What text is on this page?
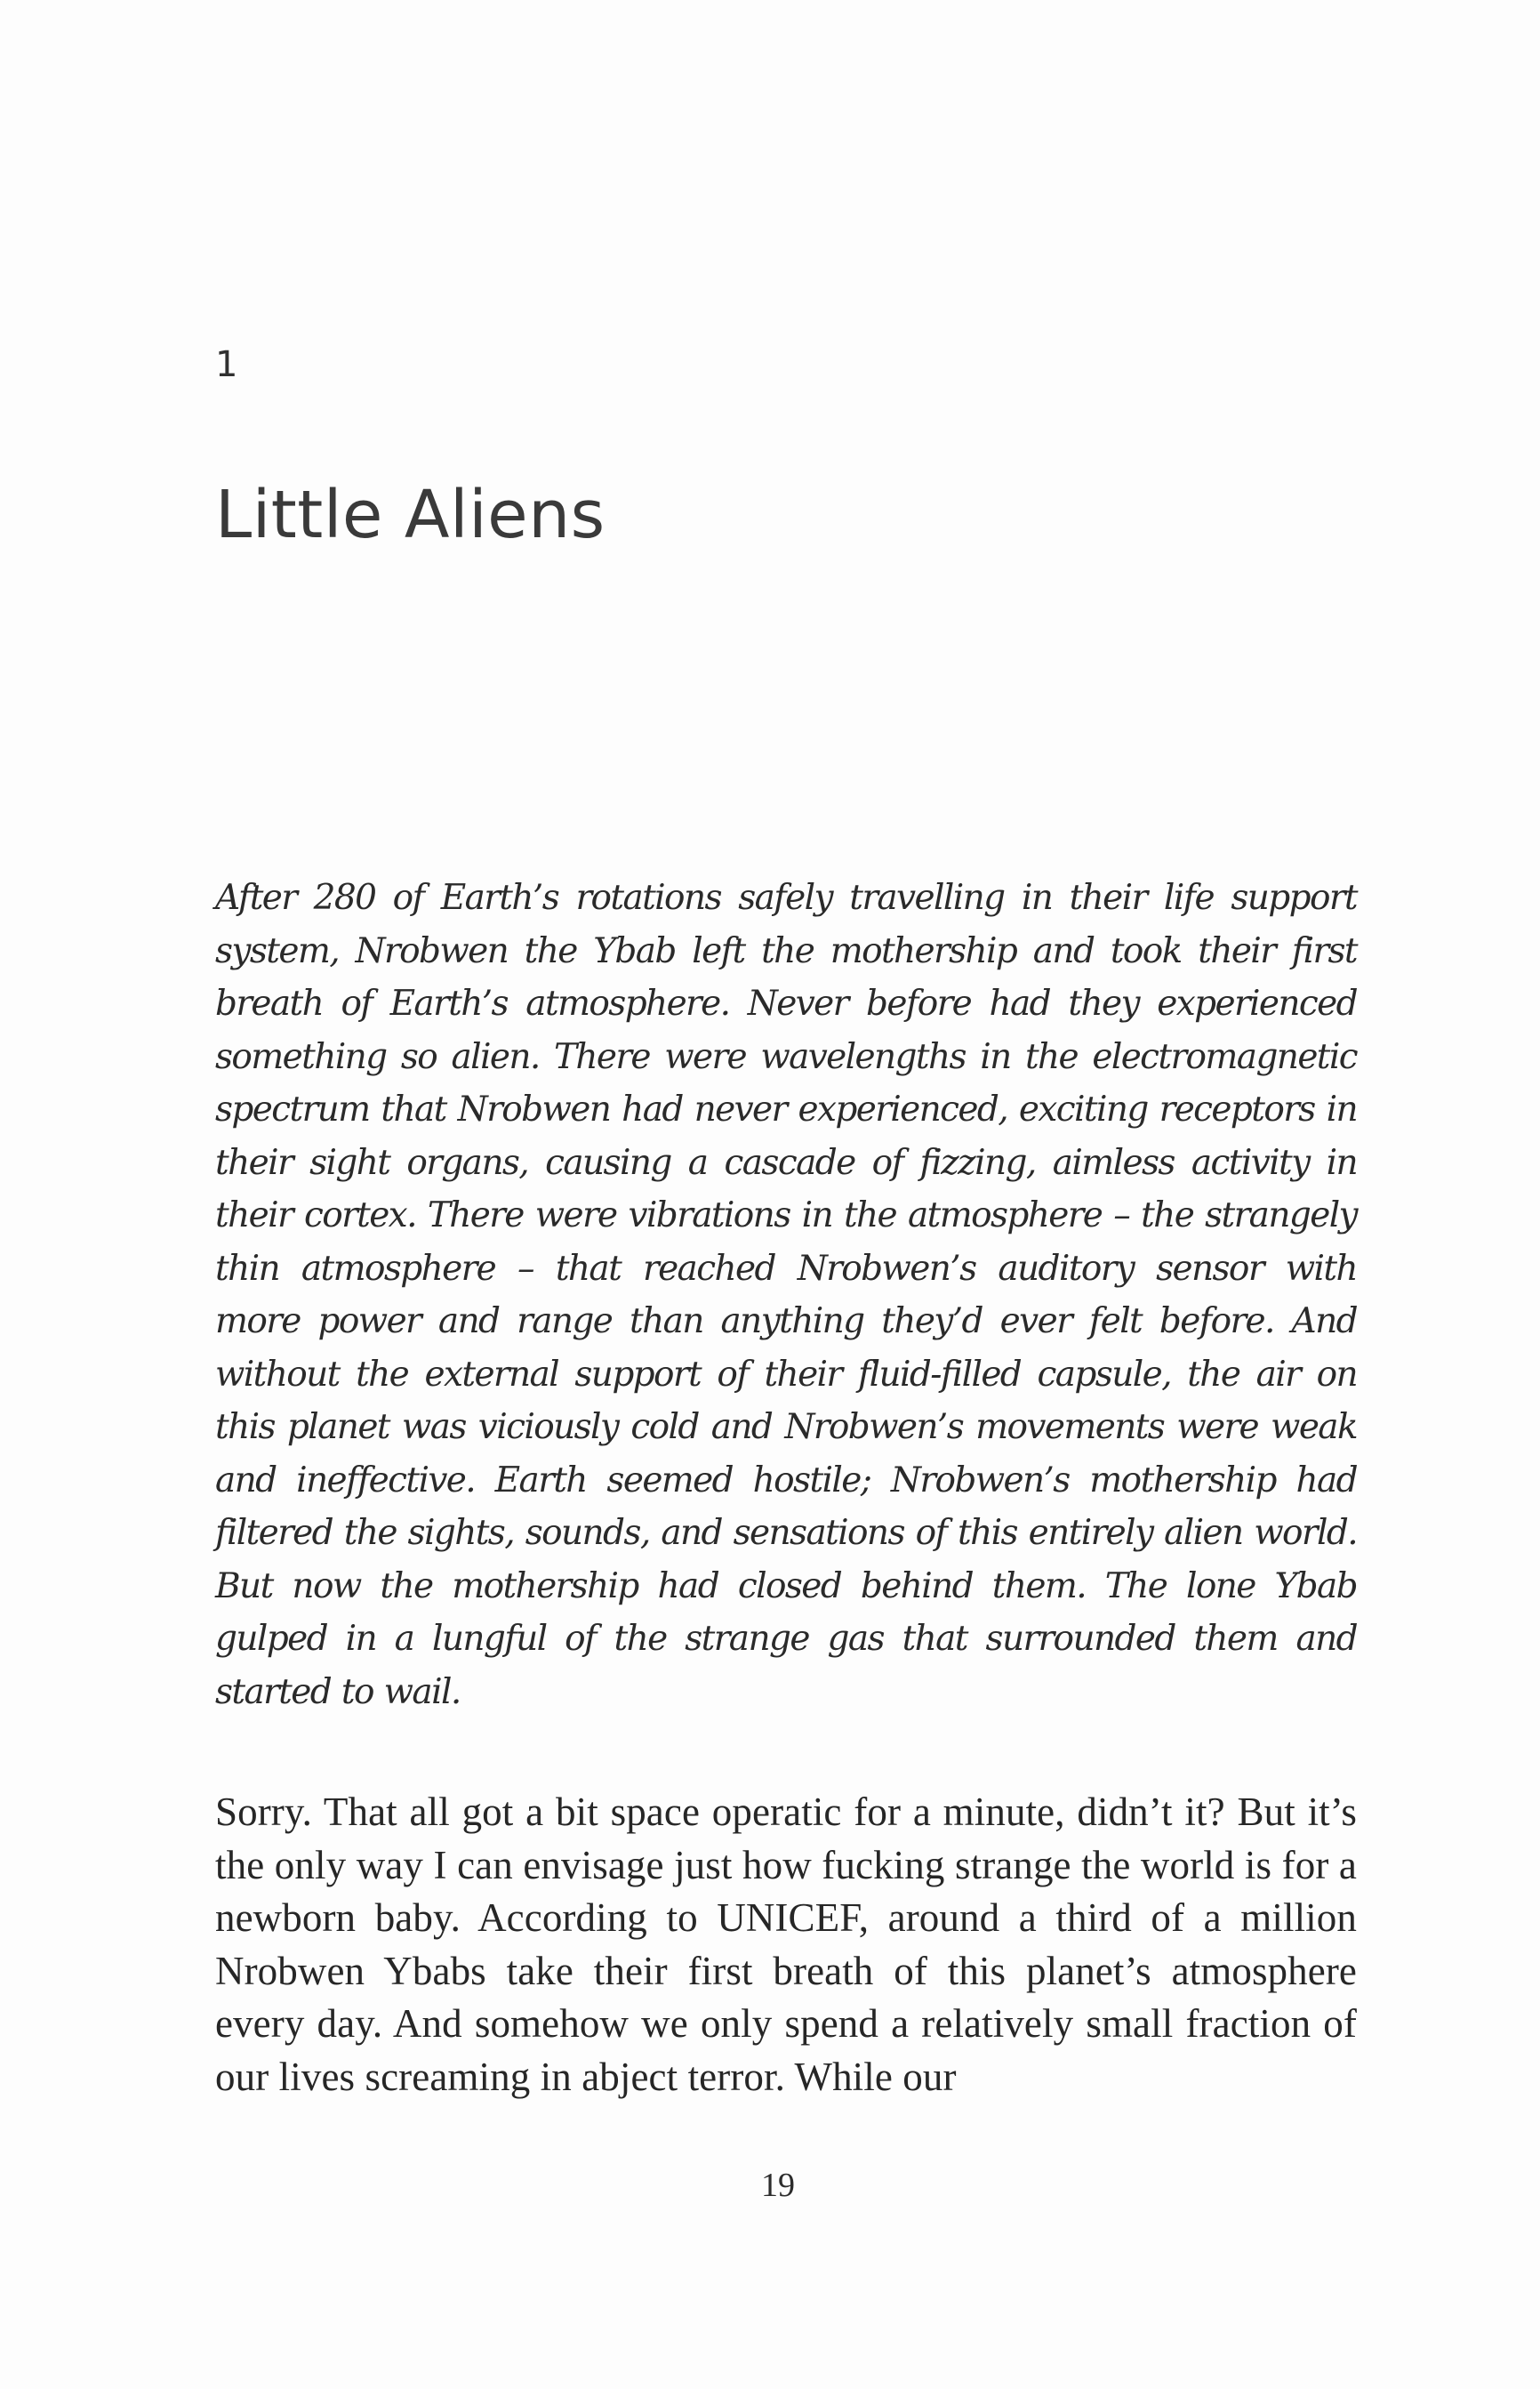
1
Little Aliens

After 280 of Earth’s rotations safely travelling in their life support system, Nrobwen the Ybab left the mothership and took their first breath of Earth’s atmosphere. Never before had they experienced something so alien. There were wavelengths in the electromagnetic spectrum that Nrobwen had never experienced, exciting receptors in their sight organs, causing a cascade of fizzing, aimless activity in their cortex. There were vibrations in the atmosphere – the strangely thin atmosphere – that reached Nrobwen’s auditory sensor with more power and range than anything they’d ever felt before. And without the external support of their fluid-filled capsule, the air on this planet was viciously cold and Nrobwen’s movements were weak and ineffective. Earth seemed hostile; Nrobwen’s mothership had filtered the sights, sounds, and sensations of this entirely alien world. But now the mothership had closed behind them. The lone Ybab gulped in a lungful of the strange gas that surrounded them and started to wail.

Sorry. That all got a bit space operatic for a minute, didn’t it? But it’s the only way I can envisage just how fucking strange the world is for a newborn baby. According to UNICEF, around a third of a million Nrobwen Ybabs take their first breath of this planet’s atmosphere every day. And somehow we only spend a relatively small fraction of our lives screaming in abject terror. While our

19
